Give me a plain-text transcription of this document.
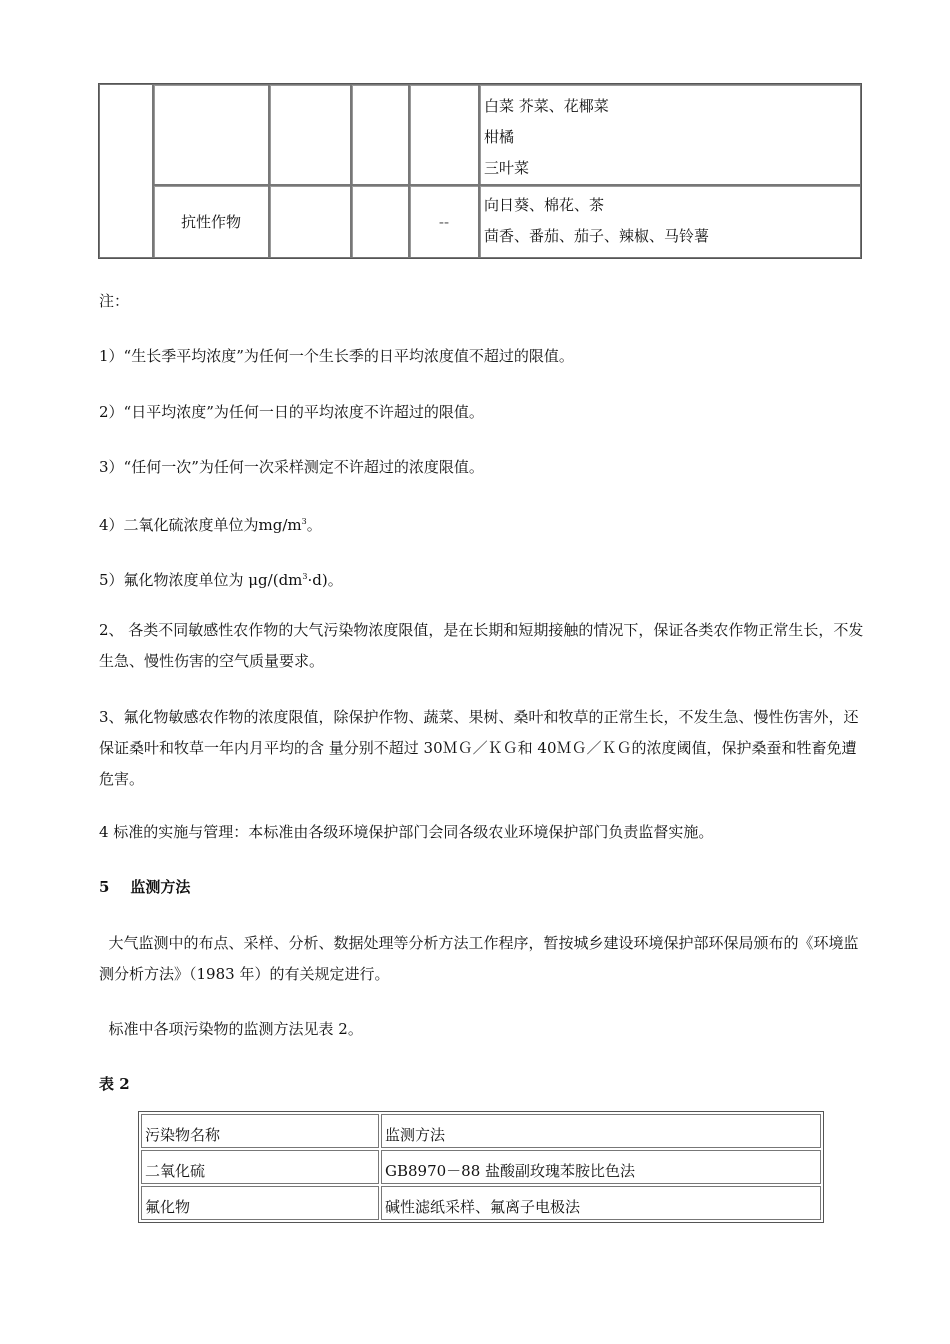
					白菜 芥菜、花椰菜
柑橘
三叶菜

	抗性作物			--	向日葵、棉花、茶
茴香、番茄、茄子、辣椒、马铃薯
注：
1）“生长季平均浓度”为任何一个生长季的日平均浓度值不超过的限值。
2）“日平均浓度”为任何一日的平均浓度不许超过的限值。
3）“任何一次”为任何一次采样测定不许超过的浓度限值。
4）二氧化硫浓度单位为$mg/m^3$。
5）氟化物浓度单位为 $\mu g/(dm^3\cdot d)$。
2、 各类不同敏感性农作物的大气污染物浓度限值，是在长期和短期接触的情况下，保证各类农作物正常生长，不发生急、慢性伤害的空气质量要求。
3、氟化物敏感农作物的浓度限值，除保护作物、蔬菜、果树、桑叶和牧草的正常生长，不发生急、慢性伤害外，还保证桑叶和牧草一年内月平均的含 量分别不超过 30ＭＧ／ＫＧ和 40ＭＧ／ＫＧ的浓度阈值，保护桑蚕和牲畜免遭危害。
4 标准的实施与管理：本标准由各级环境保护部门会同各级农业环境保护部门负责监督实施。
5    监测方法
大气监测中的布点、采样、分析、数据处理等分析方法工作程序，暂按城乡建设环境保护部环保局颁布的《环境监测分析方法》（1983 年）的有关规定进行。
标准中各项污染物的监测方法见表 2。
表 2
污染物名称	监测方法
二氧化硫	GB8970－88 盐酸副玫瑰苯胺比色法
氟化物	碱性滤纸采样、氟离子电极法
